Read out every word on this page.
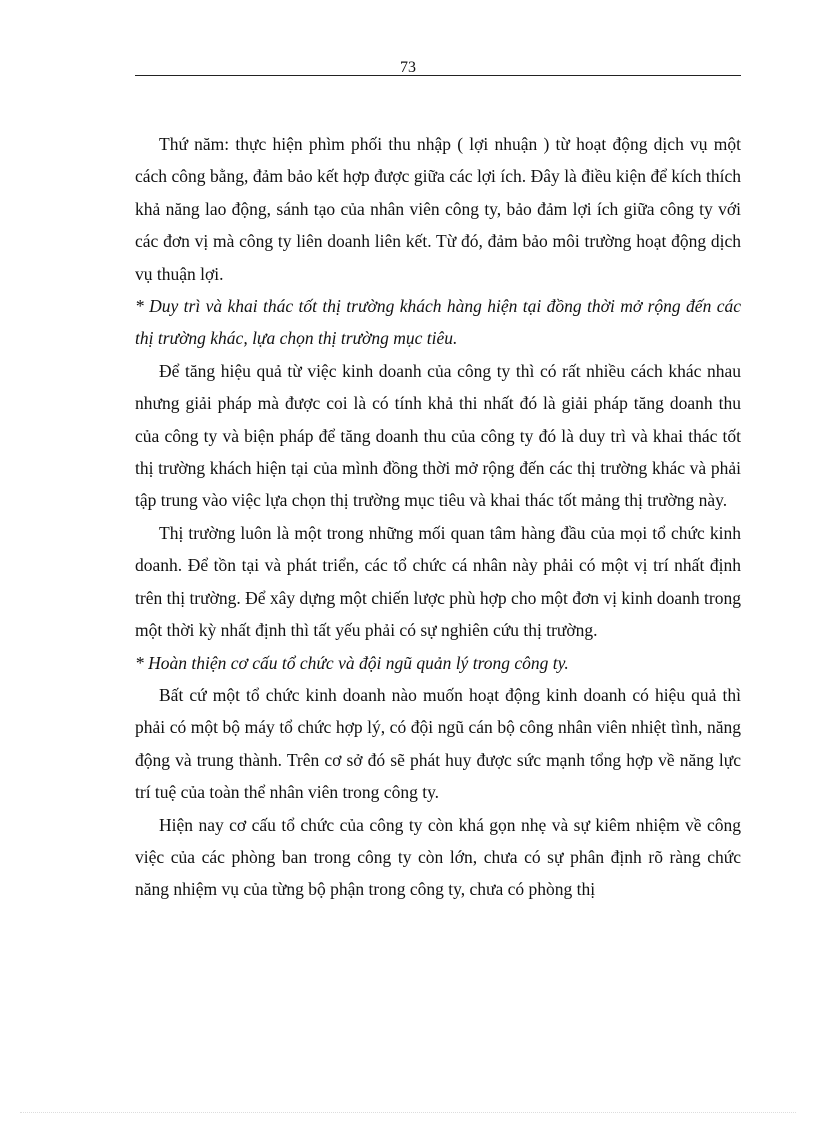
73

Thứ năm: thực hiện phìm phối thu nhập ( lợi nhuận ) từ hoạt động dịch vụ một cách công bằng, đảm bảo kết hợp được giữa các lợi ích. Đây là điều kiện để kích thích khả năng lao động, sánh tạo của nhân viên công ty, bảo đảm lợi ích giữa công ty với các đơn vị mà công ty liên doanh liên kết. Từ đó, đảm bảo môi trường hoạt động dịch vụ thuận lợi.

* Duy trì và khai thác tốt thị trường khách hàng hiện tại đồng thời mở rộng đến các thị trường khác, lựa chọn thị trường mục tiêu.

Để tăng hiệu quả từ việc kinh doanh của công ty thì có rất nhiều cách khác nhau nhưng giải pháp mà được coi là có tính khả thi nhất đó là giải pháp tăng doanh thu của công ty và biện pháp để tăng doanh thu của công ty đó là duy trì và khai thác tốt thị trường khách hiện tại của mình đồng thời mở rộng đến các thị trường khác và phải tập trung vào việc lựa chọn thị trường mục tiêu và khai thác tốt mảng thị trường này.

Thị trường luôn là một trong những mối quan tâm hàng đầu của mọi tổ chức kinh doanh. Để tồn tại và phát triển, các tổ chức cá nhân này phải có một vị trí nhất định trên thị trường. Để xây dựng một chiến lược phù hợp cho một đơn vị kinh doanh trong một thời kỳ nhất định thì tất yếu phải có sự nghiên cứu thị trường.

* Hoàn thiện cơ cấu tổ chức và đội ngũ quản lý trong công ty.

Bất cứ một tổ chức kinh doanh nào muốn hoạt động kinh doanh có hiệu quả thì phải có một bộ máy tổ chức hợp lý, có đội ngũ cán bộ công nhân viên nhiệt tình, năng động và trung thành. Trên cơ sở đó sẽ phát huy được sức mạnh tổng hợp về năng lực trí tuệ của toàn thể nhân viên trong công ty.

Hiện nay cơ cấu tổ chức của công ty còn khá gọn nhẹ và sự kiêm nhiệm về công việc của các phòng ban trong công ty còn lớn, chưa có sự phân định rõ ràng chức năng nhiệm vụ của từng bộ phận trong công ty, chưa có phòng thị
